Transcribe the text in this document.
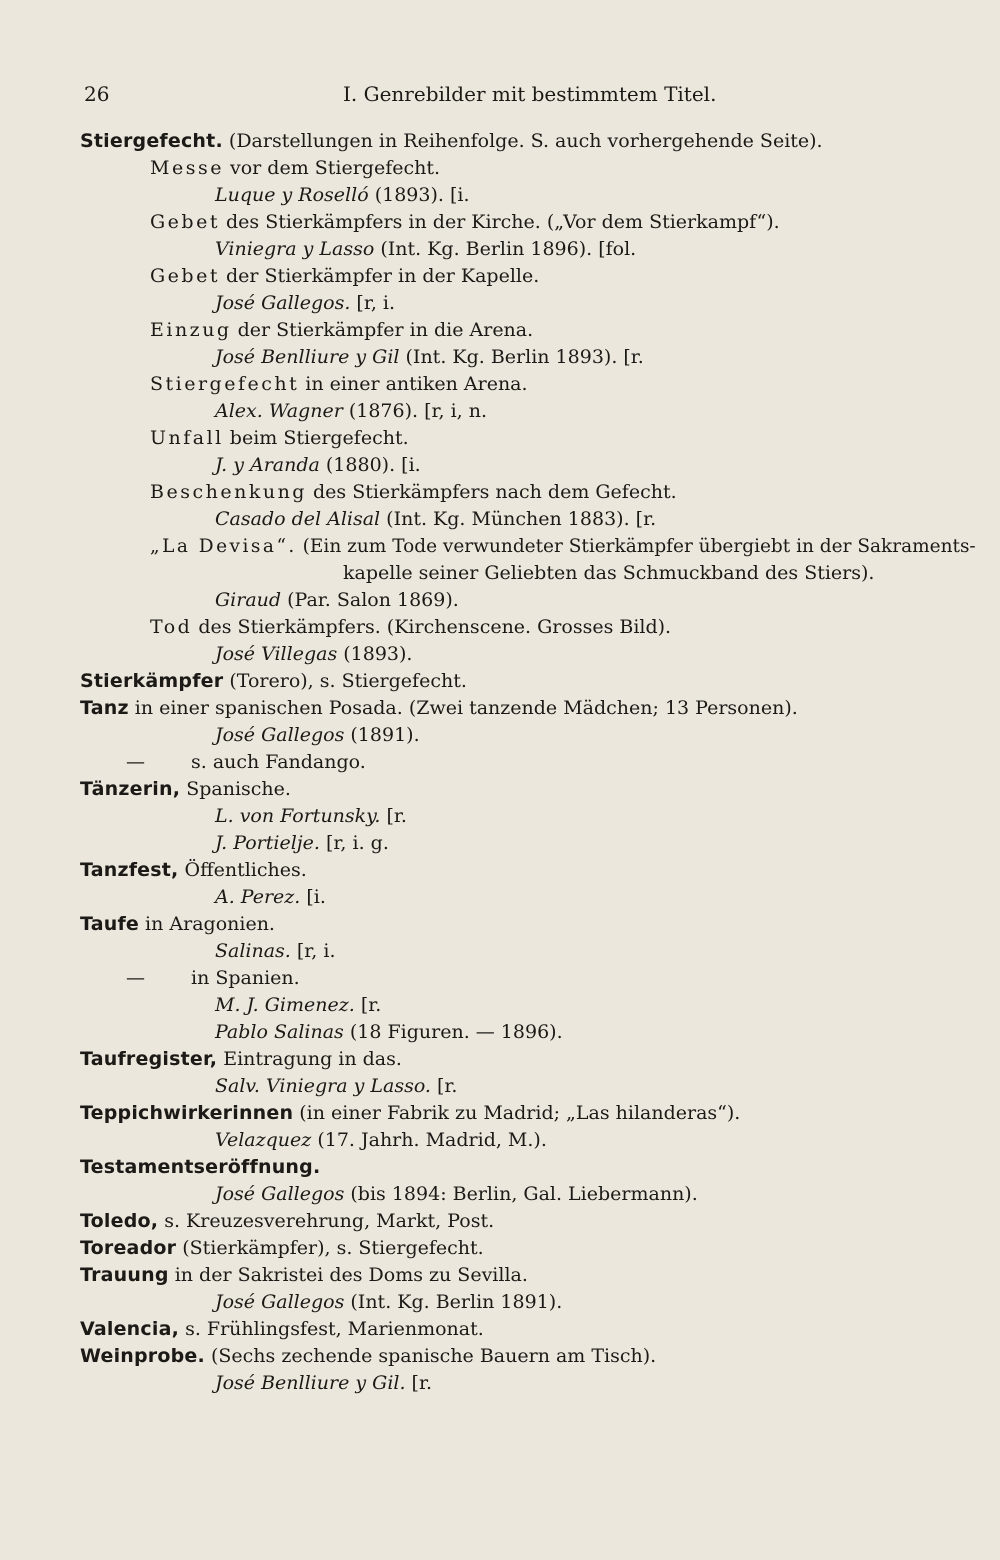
26	I. Genrebilder mit bestimmtem Titel.
Stiergefecht. (Darstellungen in Reihenfolge. S. auch vorhergehende Seite).
Messe vor dem Stiergefecht.
Luque y Roselló (1893). [i.
Gebet des Stierkämpfers in der Kirche. („Vor dem Stierkampf“).
Viniegra y Lasso (Int. Kg. Berlin 1896). [fol.
Gebet der Stierkämpfer in der Kapelle.
José Gallegos. [r, i.
Einzug der Stierkämpfer in die Arena.
José Benlliure y Gil (Int. Kg. Berlin 1893). [r.
Stiergefecht in einer antiken Arena.
Alex. Wagner (1876). [r, i, n.
Unfall beim Stiergefecht.
J. y Aranda (1880). [i.
Beschenkung des Stierkämpfers nach dem Gefecht.
Casado del Alisal (Int. Kg. München 1883). [r.
„La Devisa“. (Ein zum Tode verwundeter Stierkämpfer übergiebt in der Sakraments-
kapelle seiner Geliebten das Schmuckband des Stiers).
Giraud (Par. Salon 1869).
Tod des Stierkämpfers. (Kirchenscene. Grosses Bild).
José Villegas (1893).
Stierkämpfer (Torero), s. Stiergefecht.
Tanz in einer spanischen Posada. (Zwei tanzende Mädchen; 13 Personen).
José Gallegos (1891).
— s. auch Fandango.
Tänzerin, Spanische.
L. von Fortunsky. [r.
J. Portielje. [r, i. g.
Tanzfest, Öffentliches.
A. Perez. [i.
Taufe in Aragonien.
Salinas. [r, i.
— in Spanien.
M. J. Gimenez. [r.
Pablo Salinas (18 Figuren. — 1896).
Taufregister, Eintragung in das.
Salv. Viniegra y Lasso. [r.
Teppichwirkerinnen (in einer Fabrik zu Madrid; „Las hilanderas“).
Velazquez (17. Jahrh. Madrid, M.).
Testamentseröffnung.
José Gallegos (bis 1894: Berlin, Gal. Liebermann).
Toledo, s. Kreuzesverehrung, Markt, Post.
Toreador (Stierkämpfer), s. Stiergefecht.
Trauung in der Sakristei des Doms zu Sevilla.
José Gallegos (Int. Kg. Berlin 1891).
Valencia, s. Frühlingsfest, Marienmonat.
Weinprobe. (Sechs zechende spanische Bauern am Tisch).
José Benlliure y Gil. [r.
